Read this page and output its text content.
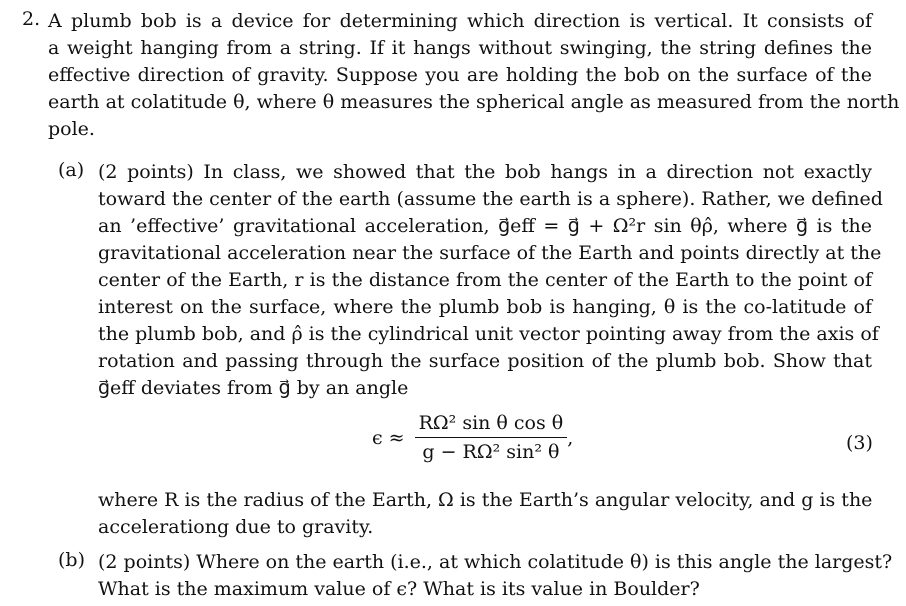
2. A plumb bob is a device for determining which direction is vertical. It consists of
a weight hanging from a string. If it hangs without swinging, the string defines the
effective direction of gravity. Suppose you are holding the bob on the surface of the
earth at colatitude θ, where θ measures the spherical angle as measured from the north
pole.
(a) (2 points) In class, we showed that the bob hangs in a direction not exactly
toward the center of the earth (assume the earth is a sphere). Rather, we defined
an ’effective’ gravitational acceleration, g⃗eff = g⃗ + Ω²r sin θρ̂, where g⃗ is the
gravitational acceleration near the surface of the Earth and points directly at the
center of the Earth, r is the distance from the center of the Earth to the point of
interest on the surface, where the plumb bob is hanging, θ is the co-latitude of
the plumb bob, and ρ̂ is the cylindrical unit vector pointing away from the axis of
rotation and passing through the surface position of the plumb bob. Show that
g⃗eff deviates from g⃗ by an angle
$\epsilon \approx \frac{\text{RΩ² sin θ cos θ}}{\text{g − RΩ² sin² θ}}$ ,	(3)
where R is the radius of the Earth, Ω is the Earth’s angular velocity, and g is the
accelerationg due to gravity.
(b) (2 points) Where on the earth (i.e., at which colatitude θ) is this angle the largest?
What is the maximum value of ϵ? What is its value in Boulder?
